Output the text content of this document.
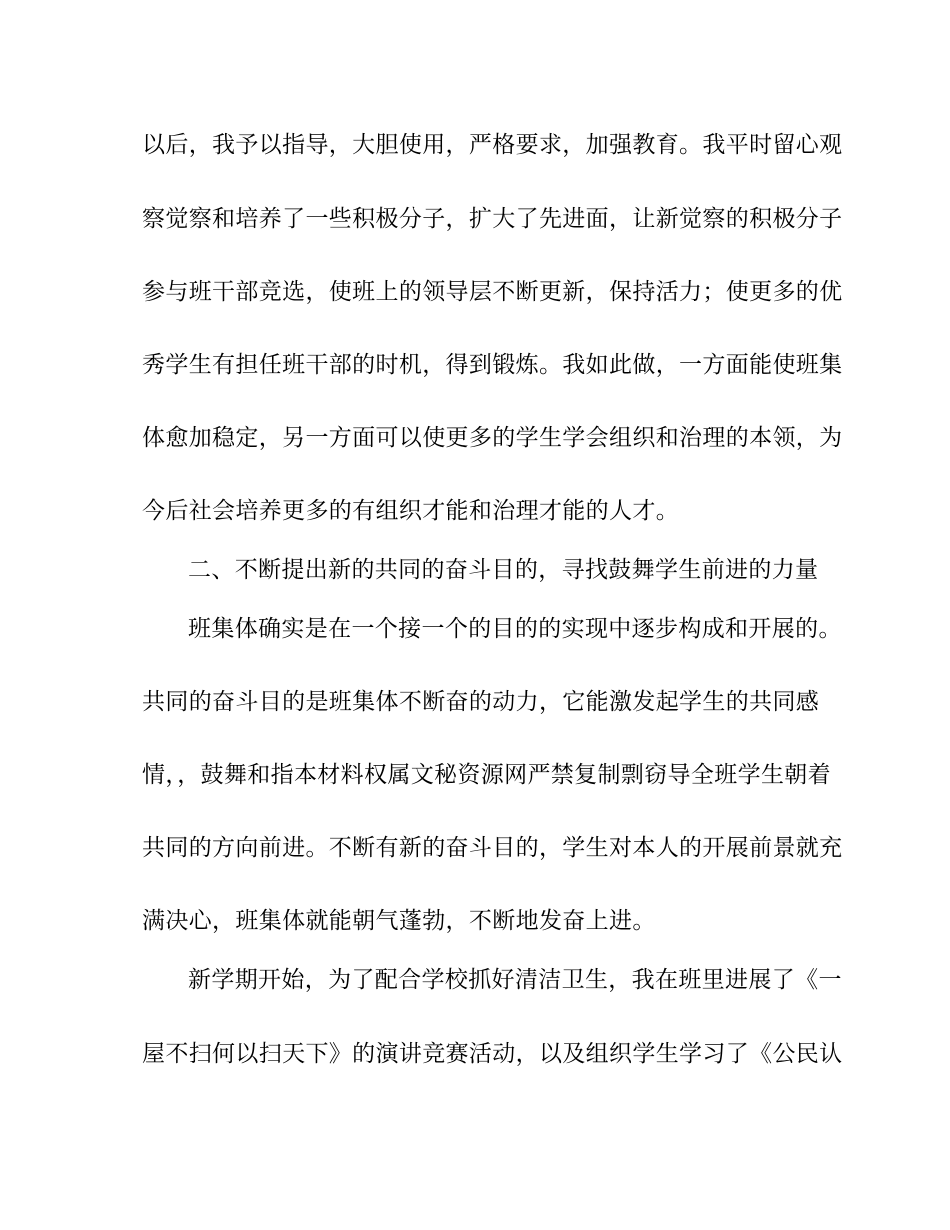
以后，我予以指导，大胆使用，严格要求，加强教育。我平时留心观
察觉察和培养了一些积极分子，扩大了先进面，让新觉察的积极分子
参与班干部竞选，使班上的领导层不断更新，保持活力；使更多的优
秀学生有担任班干部的时机，得到锻炼。我如此做，一方面能使班集
体愈加稳定，另一方面可以使更多的学生学会组织和治理的本领，为
今后社会培养更多的有组织才能和治理才能的人才。
二、不断提出新的共同的奋斗目的，寻找鼓舞学生前进的力量
班集体确实是在一个接一个的目的的实现中逐步构成和开展的。
共同的奋斗目的是班集体不断奋的动力，它能激发起学生的共同感
情，，鼓舞和指本材料权属文秘资源网严禁复制剽窃导全班学生朝着
共同的方向前进。不断有新的奋斗目的，学生对本人的开展前景就充
满决心，班集体就能朝气蓬勃，不断地发奋上进。
新学期开始，为了配合学校抓好清洁卫生，我在班里进展了《一
屋不扫何以扫天下》的演讲竞赛活动，以及组织学生学习了《公民认
